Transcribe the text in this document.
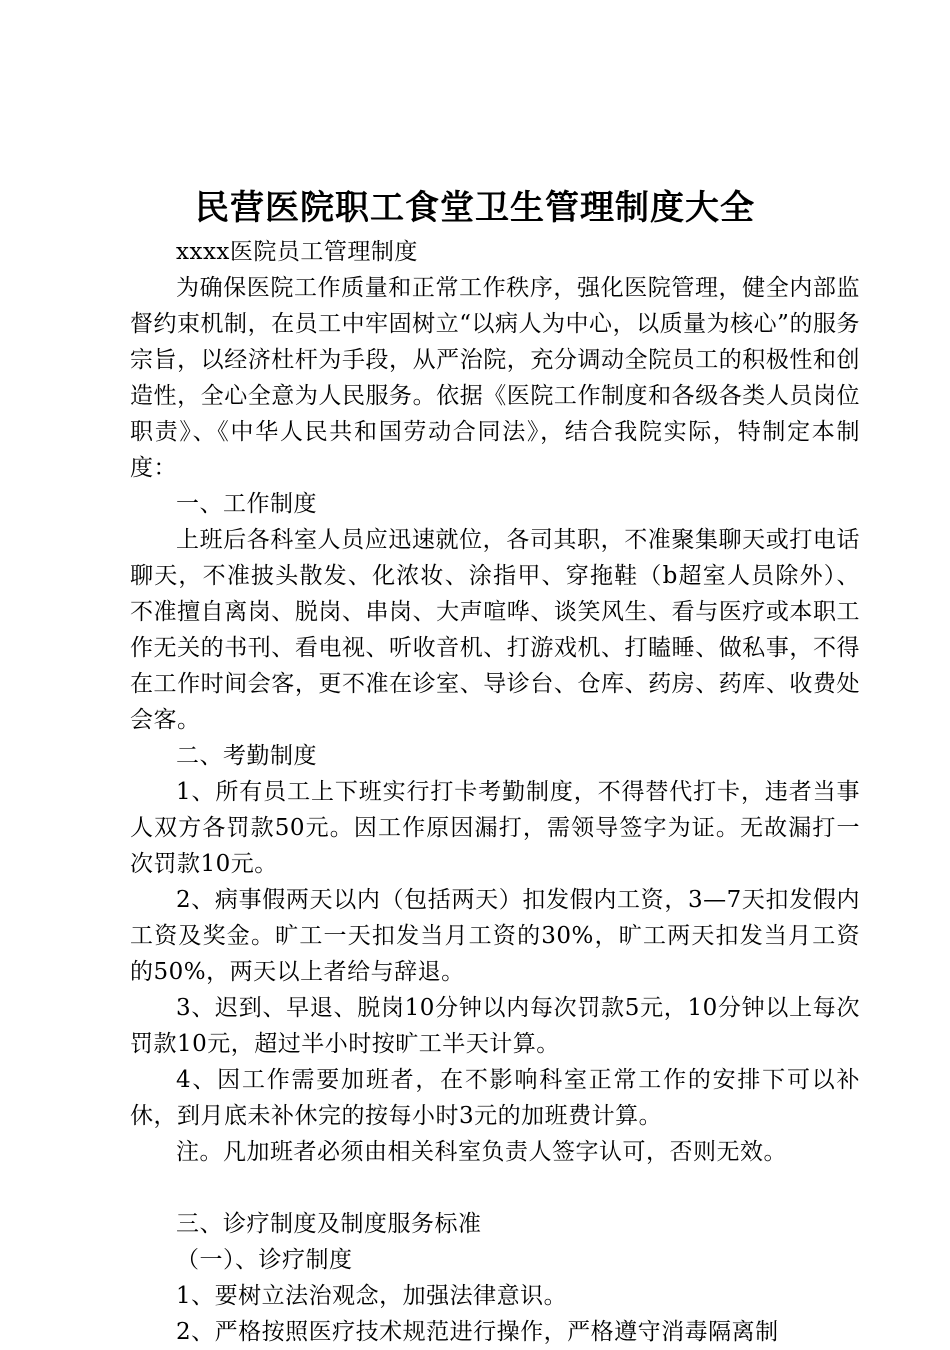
民营医院职工食堂卫生管理制度大全

xxxx医院员工管理制度

为确保医院工作质量和正常工作秩序，强化医院管理，健全内部监督约束机制，在员工中牢固树立“以病人为中心，以质量为核心”的服务宗旨，以经济杜杆为手段，从严治院，充分调动全院员工的积极性和创造性，全心全意为人民服务。依据《医院工作制度和各级各类人员岗位职责》、《中华人民共和国劳动合同法》，结合我院实际，特制定本制度：

一、工作制度

上班后各科室人员应迅速就位，各司其职，不准聚集聊天或打电话聊天，不准披头散发、化浓妆、涂指甲、穿拖鞋（b超室人员除外）、不准擅自离岗、脱岗、串岗、大声喧哗、谈笑风生、看与医疗或本职工作无关的书刊、看电视、听收音机、打游戏机、打瞌睡、做私事，不得在工作时间会客，更不准在诊室、导诊台、仓库、药房、药库、收费处会客。

二、考勤制度

1、所有员工上下班实行打卡考勤制度，不得替代打卡，违者当事人双方各罚款50元。因工作原因漏打，需领导签字为证。无故漏打一次罚款10元。

2、病事假两天以内（包括两天）扣发假内工资，3—7天扣发假内工资及奖金。旷工一天扣发当月工资的30%，旷工两天扣发当月工资的50%，两天以上者给与辞退。

3、迟到、早退、脱岗10分钟以内每次罚款5元，10分钟以上每次罚款10元，超过半小时按旷工半天计算。

4、因工作需要加班者，在不影响科室正常工作的安排下可以补休，到月底未补休完的按每小时3元的加班费计算。

注。凡加班者必须由相关科室负责人签字认可，否则无效。

三、诊疗制度及制度服务标准

（一）、诊疗制度

1、要树立法治观念，加强法律意识。

2、严格按照医疗技术规范进行操作，严格遵守消毒隔离制
